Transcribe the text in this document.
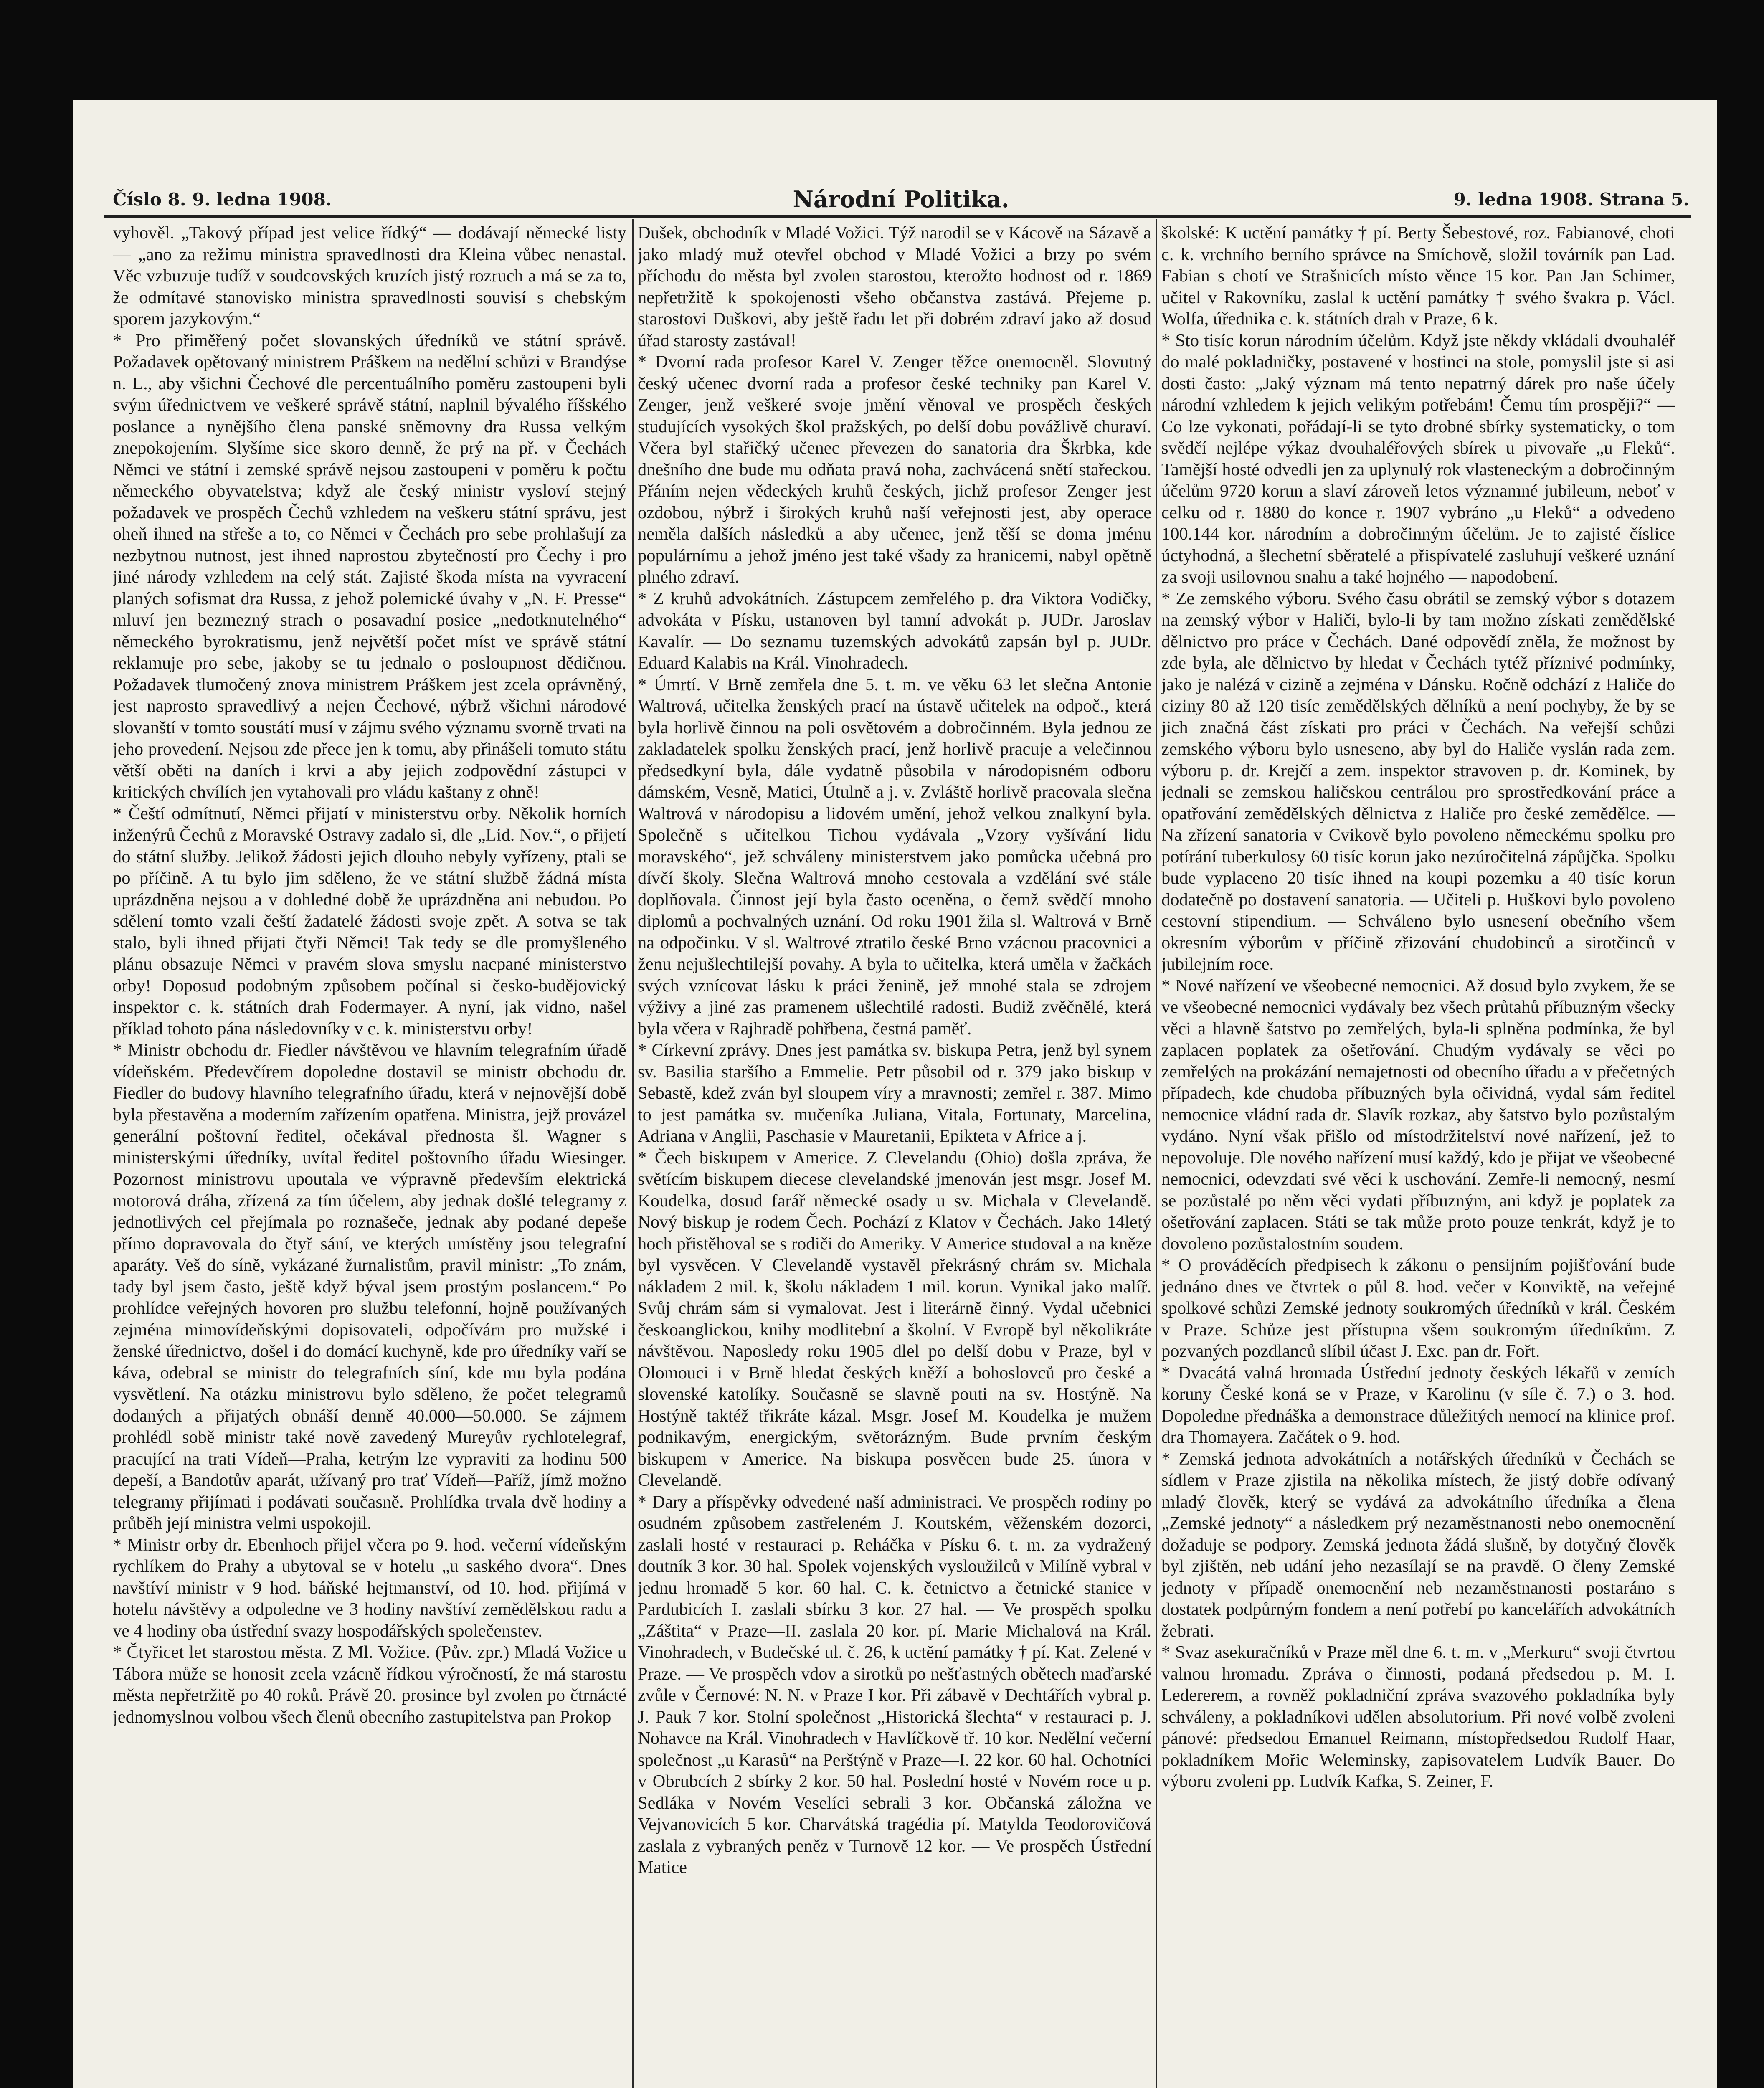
Číslo 8. 9. ledna 1908.	Národní Politika.	9. ledna 1908. Strana 5.

vyhověl. „Takový případ jest velice řídký“ — dodávají německé listy — „ano za režimu ministra spravedlnosti dra Kleina vůbec nenastal. Věc vzbuzuje tudíž v soudcovských kruzích jistý rozruch a má se za to, že odmítavé stanovisko ministra spravedlnosti souvisí s chebským sporem jazykovým.“

* Pro přiměřený počet slovanských úředníků ve státní správě. Požadavek opětovaný ministrem Práškem na nedělní schůzi v Brandýse n. L., aby všichni Čechové dle percentuálního poměru zastoupeni byli svým úřednictvem ve veškeré správě státní, naplnil bývalého říšského poslance a nynějšího člena panské sněmovny dra Russa velkým znepokojením. Slyšíme sice skoro denně, že prý na př. v Čechách Němci ve státní i zemské správě nejsou zastoupeni v poměru k počtu německého obyvatelstva; když ale český ministr vysloví stejný požadavek ve prospěch Čechů vzhledem na veškeru státní správu, jest oheň ihned na střeše a to, co Němci v Čechách pro sebe prohlašují za nezbytnou nutnost, jest ihned naprostou zbytečností pro Čechy i pro jiné národy vzhledem na celý stát. Zajisté škoda místa na vyvracení planých sofismat dra Russa, z jehož polemické úvahy v „N. F. Presse“ mluví jen bezmezný strach o posavadní posice „nedotknutelného“ německého byrokratismu, jenž největší počet míst ve správě státní reklamuje pro sebe, jakoby se tu jednalo o posloupnost dědičnou. Požadavek tlumočený znova ministrem Práškem jest zcela oprávněný, jest naprosto spravedlivý a nejen Čechové, nýbrž všichni národové slovanští v tomto soustátí musí v zájmu svého významu svorně trvati na jeho provedení. Nejsou zde přece jen k tomu, aby přinášeli tomuto státu větší oběti na daních i krvi a aby jejich zodpovědní zástupci v kritických chvílích jen vytahovali pro vládu kaštany z ohně!

* Čeští odmítnutí, Němci přijatí v ministerstvu orby. Několik horních inženýrů Čechů z Moravské Ostravy zadalo si, dle „Lid. Nov.“, o přijetí do státní služby. Jelikož žádosti jejich dlouho nebyly vyřízeny, ptali se po příčině. A tu bylo jim sděleno, že ve státní službě žádná místa uprázdněna nejsou a v dohledné době že uprázdněna ani nebudou. Po sdělení tomto vzali čeští žadatelé žádosti svoje zpět. A sotva se tak stalo, byli ihned přijati čtyři Němci! Tak tedy se dle promyšleného plánu obsazuje Němci v pravém slova smyslu nacpané ministerstvo orby! Doposud podobným způsobem počínal si česko-budějovický inspektor c. k. státních drah Fodermayer. A nyní, jak vidno, našel příklad tohoto pána následovníky v c. k. ministerstvu orby!

* Ministr obchodu dr. Fiedler návštěvou ve hlavním telegrafním úřadě vídeňském. Předevčírem dopoledne dostavil se ministr obchodu dr. Fiedler do budovy hlavního telegrafního úřadu, která v nejnovější době byla přestavěna a moderním zařízením opatřena. Ministra, jejž provázel generální poštovní ředitel, očekával přednosta šl. Wagner s ministerskými úředníky, uvítal ředitel poštovního úřadu Wiesinger. Pozornost ministrovu upoutala ve výpravně především elektrická motorová dráha, zřízená za tím účelem, aby jednak došlé telegramy z jednotlivých cel přejímala po roznašeče, jednak aby podané depeše přímo dopravovala do čtyř sání, ve kterých umístěny jsou telegrafní aparáty. Veš do síně, vykázané žurnalistům, pravil ministr: „To znám, tady byl jsem často, ještě když býval jsem prostým poslancem.“ Po prohlídce veřejných hovoren pro službu telefonní, hojně používaných zejména mimovídeňskými dopisovateli, odpočívárn pro mužské i ženské úřednictvo, došel i do domácí kuchyně, kde pro úředníky vaří se káva, odebral se ministr do telegrafních síní, kde mu byla podána vysvětlení. Na otázku ministrovu bylo sděleno, že počet telegramů dodaných a přijatých obnáší denně 40.000—50.000. Se zájmem prohlédl sobě ministr také nově zavedený Mureyův rychlotelegraf, pracující na trati Vídeň—Praha, ketrým lze vypraviti za hodinu 500 depeší, a Bandotův aparát, užívaný pro trať Vídeň—Paříž, jímž možno telegramy přijímati i podávati současně. Prohlídka trvala dvě hodiny a průběh její ministra velmi uspokojil.

* Ministr orby dr. Ebenhoch přijel včera po 9. hod. večerní vídeňským rychlíkem do Prahy a ubytoval se v hotelu „u saského dvora“. Dnes navštíví ministr v 9 hod. báňské hejtmanství, od 10. hod. přijímá v hotelu návštěvy a odpoledne ve 3 hodiny navštíví zemědělskou radu a ve 4 hodiny oba ústřední svazy hospodářských společenstev.

* Čtyřicet let starostou města. Z Ml. Vožice. (Pův. zpr.) Mladá Vožice u Tábora může se honosit zcela vzácně řídkou výročností, že má starostu města nepřetržitě po 40 roků. Právě 20. prosince byl zvolen po čtrnácté jednomyslnou volbou všech členů obecního zastupitelstva pan Prokop

Dušek, obchodník v Mladé Vožici. Týž narodil se v Kácově na Sázavě a jako mladý muž otevřel obchod v Mladé Vožici a brzy po svém příchodu do města byl zvolen starostou, kterožto hodnost od r. 1869 nepřetržitě k spokojenosti všeho občanstva zastává. Přejeme p. starostovi Duškovi, aby ještě řadu let při dobrém zdraví jako až dosud úřad starosty zastával!

* Dvorní rada profesor Karel V. Zenger těžce onemocněl. Slovutný český učenec dvorní rada a profesor české techniky pan Karel V. Zenger, jenž veškeré svoje jmění věnoval ve prospěch českých studujících vysokých škol pražských, po delší dobu povážlivě churaví. Včera byl stařičký učenec převezen do sanatoria dra Škrbka, kde dnešního dne bude mu odňata pravá noha, zachvácená snětí stařeckou. Přáním nejen vědeckých kruhů českých, jichž profesor Zenger jest ozdobou, nýbrž i širokých kruhů naší veřejnosti jest, aby operace neměla dalších následků a aby učenec, jenž těší se doma jménu populárnímu a jehož jméno jest také všady za hranicemi, nabyl opětně plného zdraví.

* Z kruhů advokátních. Zástupcem zemřelého p. dra Viktora Vodičky, advokáta v Písku, ustanoven byl tamní advokát p. JUDr. Jaroslav Kavalír. — Do seznamu tuzemských advokátů zapsán byl p. JUDr. Eduard Kalabis na Král. Vinohradech.

* Úmrtí. V Brně zemřela dne 5. t. m. ve věku 63 let slečna Antonie Waltrová, učitelka ženských prací na ústavě učitelek na odpoč., která byla horlivě činnou na poli osvětovém a dobročinném. Byla jednou ze zakladatelek spolku ženských prací, jenž horlivě pracuje a velečinnou předsedkyní byla, dále vydatně působila v národopisném odboru dámském, Vesně, Matici, Útulně a j. v. Zvláště horlivě pracovala slečna Waltrová v národopisu a lidovém umění, jehož velkou znalkyní byla. Společně s učitelkou Tichou vydávala „Vzory vyšívání lidu moravského“, jež schváleny ministerstvem jako pomůcka učebná pro dívčí školy. Slečna Waltrová mnoho cestovala a vzdělání své stále doplňovala. Činnost její byla často oceněna, o čemž svědčí mnoho diplomů a pochvalných uznání. Od roku 1901 žila sl. Waltrová v Brně na odpočinku. V sl. Waltrové ztratilo české Brno vzácnou pracovnici a ženu nejušlechtilejší povahy. A byla to učitelka, která uměla v žačkách svých vznícovat lásku k práci ženině, jež mnohé stala se zdrojem výživy a jiné zas pramenem ušlechtilé radosti. Budiž zvěčnělé, která byla včera v Rajhradě pohřbena, čestná paměť.

* Církevní zprávy. Dnes jest památka sv. biskupa Petra, jenž byl synem sv. Basilia staršího a Emmelie. Petr působil od r. 379 jako biskup v Sebastě, kdež zván byl sloupem víry a mravnosti; zemřel r. 387. Mimo to jest památka sv. mučeníka Juliana, Vitala, Fortunaty, Marcelina, Adriana v Anglii, Paschasie v Mauretanii, Epikteta v Africe a j.

* Čech biskupem v Americe. Z Clevelandu (Ohio) došla zpráva, že světícím biskupem diecese clevelandské jmenován jest msgr. Josef M. Koudelka, dosud farář německé osady u sv. Michala v Clevelandě. Nový biskup je rodem Čech. Pochází z Klatov v Čechách. Jako 14letý hoch přistěhoval se s rodiči do Ameriky. V Americe studoval a na kněze byl vysvěcen. V Clevelandě vystavěl překrásný chrám sv. Michala nákladem 2 mil. k, školu nákladem 1 mil. korun. Vynikal jako malíř. Svůj chrám sám si vymalovat. Jest i literárně činný. Vydal učebnici českoanglickou, knihy modlitební a školní. V Evropě byl několikráte návštěvou. Naposledy roku 1905 dlel po delší dobu v Praze, byl v Olomouci i v Brně hledat českých kněží a bohoslovců pro české a slovenské katolíky. Současně se slavně pouti na sv. Hostýně. Na Hostýně taktéž třikráte kázal. Msgr. Josef M. Koudelka je mužem podnikavým, energickým, světorázným. Bude prvním českým biskupem v Americe. Na biskupa posvěcen bude 25. února v Clevelandě.

* Dary a příspěvky odvedené naší administraci. Ve prospěch rodiny po osudném způsobem zastřeleném J. Koutském, věženském dozorci, zaslali hosté v restauraci p. Reháčka v Písku 6. t. m. za vydražený doutník 3 kor. 30 hal. Spolek vojenských vysloužilců v Milíně vybral v jednu hromadě 5 kor. 60 hal. C. k. četnictvo a četnické stanice v Pardubicích I. zaslali sbírku 3 kor. 27 hal. — Ve prospěch spolku „Záštita“ v Praze—II. zaslala 20 kor. pí. Marie Michalová na Král. Vinohradech, v Budečské ul. č. 26, k uctění památky † pí. Kat. Zelené v Praze. — Ve prospěch vdov a sirotků po nešťastných obětech maďarské zvůle v Černové: N. N. v Praze I kor. Při zábavě v Dechtářích vybral p. J. Pauk 7 kor. Stolní společnost „Historická šlechta“ v restauraci p. J. Nohavce na Král. Vinohradech v Havlíčkově tř. 10 kor. Nedělní večerní společnost „u Karasů“ na Perštýně v Praze—I. 22 kor. 60 hal. Ochotníci v Obrubcích 2 sbírky 2 kor. 50 hal. Poslední hosté v Novém roce u p. Sedláka v Novém Veselíci sebrali 3 kor. Občanská záložna ve Vejvanovicích 5 kor. Charvátská tragédia pí. Matylda Teodorovičová zaslala z vybraných peněz v Turnově 12 kor. — Ve prospěch Ústřední Matice

školské: K uctění památky † pí. Berty Šebestové, roz. Fabianové, choti c. k. vrchního berního správce na Smíchově, složil továrník pan Lad. Fabian s chotí ve Strašnicích místo věnce 15 kor. Pan Jan Schimer, učitel v Rakovníku, zaslal k uctění památky † svého švakra p. Václ. Wolfa, úřednika c. k. státních drah v Praze, 6 k.

* Sto tisíc korun národním účelům. Když jste někdy vkládali dvouhaléř do malé pokladničky, postavené v hostinci na stole, pomyslil jste si asi dosti často: „Jaký význam má tento nepatrný dárek pro naše účely národní vzhledem k jejich velikým potřebám! Čemu tím prospěji?“ — Co lze vykonati, pořádají-li se tyto drobné sbírky systematicky, o tom svědčí nejlépe výkaz dvouhaléřových sbírek u pivovaře „u Fleků“. Tamější hosté odvedli jen za uplynulý rok vlasteneckým a dobročinným účelům 9720 korun a slaví zároveň letos významné jubileum, neboť v celku od r. 1880 do konce r. 1907 vybráno „u Fleků“ a odvedeno 100.144 kor. národním a dobročinným účelům. Je to zajisté číslice úctyhodná, a šlechetní sběratelé a přispívatelé zasluhují veškeré uznání za svoji usilovnou snahu a také hojného — napodobení.

* Ze zemského výboru. Svého času obrátil se zemský výbor s dotazem na zemský výbor v Haliči, bylo-li by tam možno získati zemědělské dělnictvo pro práce v Čechách. Dané odpovědí zněla, že možnost by zde byla, ale dělnictvo by hledat v Čechách tytéž příznivé podmínky, jako je nalézá v cizině a zejména v Dánsku. Ročně odchází z Haliče do ciziny 80 až 120 tisíc zemědělských dělníků a není pochyby, že by se jich značná část získati pro práci v Čechách. Na veřejší schůzi zemského výboru bylo usneseno, aby byl do Haliče vyslán rada zem. výboru p. dr. Krejčí a zem. inspektor stravoven p. dr. Kominek, by jednali se zemskou haličskou centrálou pro sprostředkování práce a opatřování zemědělských dělnictva z Haliče pro české zemědělce. — Na zřízení sanatoria v Cvikově bylo povoleno německému spolku pro potírání tuberkulosy 60 tisíc korun jako nezúročitelná zápůjčka. Spolku bude vyplaceno 20 tisíc ihned na koupi pozemku a 40 tisíc korun dodatečně po dostavení sanatoria. — Učiteli p. Huškovi bylo povoleno cestovní stipendium. — Schváleno bylo usnesení obečního všem okresním výborům v příčině zřizování chudobinců a sirotčinců v jubilejním roce.

* Nové nařízení ve všeobecné nemocnici. Až dosud bylo zvykem, že se ve všeobecné nemocnici vydávaly bez všech průtahů příbuzným všecky věci a hlavně šatstvo po zemřelých, byla-li splněna podmínka, že byl zaplacen poplatek za ošetřování. Chudým vydávaly se věci po zemřelých na prokázání nemajetnosti od obecního úřadu a v přečetných případech, kde chudoba příbuzných byla očividná, vydal sám ředitel nemocnice vládní rada dr. Slavík rozkaz, aby šatstvo bylo pozůstalým vydáno. Nyní však přišlo od místodržitelství nové nařízení, jež to nepovoluje. Dle nového nařízení musí každý, kdo je přijat ve všeobecné nemocnici, odevzdati své věci k uschování. Zemře-li nemocný, nesmí se pozůstalé po něm věci vydati příbuzným, ani když je poplatek za ošetřování zaplacen. Státi se tak může proto pouze tenkrát, když je to dovoleno pozůstalostním soudem.

* O prováděcích předpisech k zákonu o pensijním pojišťování bude jednáno dnes ve čtvrtek o půl 8. hod. večer v Konviktě, na veřejné spolkové schůzi Zemské jednoty soukromých úředníků v král. Českém v Praze. Schůze jest přístupna všem soukromým úředníkům. Z pozvaných pozdlanců slíbil účast J. Exc. pan dr. Fořt.

* Dvacátá valná hromada Ústřední jednoty českých lékařů v zemích koruny České koná se v Praze, v Karolinu (v síle č. 7.) o 3. hod. Dopoledne přednáška a demonstrace důležitých nemocí na klinice prof. dra Thomayera. Začátek o 9. hod.

* Zemská jednota advokátních a notářských úředníků v Čechách se sídlem v Praze zjistila na několika místech, že jistý dobře odívaný mladý člověk, který se vydává za advokátního úředníka a člena „Zemské jednoty“ a následkem prý nezaměstnanosti nebo onemocnění dožaduje se podpory. Zemská jednota žádá slušně, by dotyčný člověk byl zjištěn, neb udání jeho nezasílají se na pravdě. O členy Zemské jednoty v případě onemocnění neb nezaměstnanosti postaráno s dostatek podpůrným fondem a není potřebí po kancelářích advokátních žebrati.

* Svaz asekuračníků v Praze měl dne 6. t. m. v „Merkuru“ svoji čtvrtou valnou hromadu. Zpráva o činnosti, podaná předsedou p. M. I. Ledererem, a rovněž pokladniční zpráva svazového pokladníka byly schváleny, a pokladníkovi udělen absolutorium. Při nové volbě zvoleni pánové: předsedou Emanuel Reimann, místopředsedou Rudolf Haar, pokladníkem Mořic Weleminsky, zapisovatelem Ludvík Bauer. Do výboru zvoleni pp. Ludvík Kafka, S. Zeiner, F.
